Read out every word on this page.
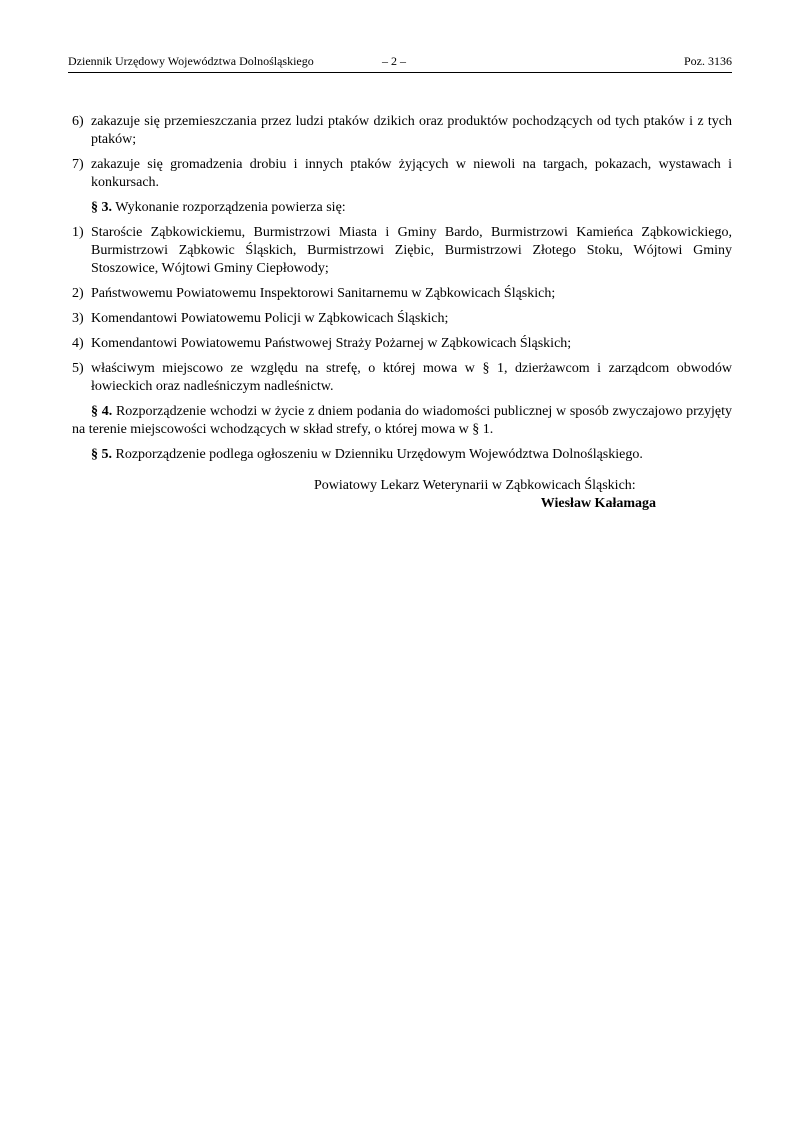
Dziennik Urzędowy Województwa Dolnośląskiego	– 2 –	Poz. 3136
6) zakazuje się przemieszczania przez ludzi ptaków dzikich oraz produktów pochodzących od tych ptaków i z tych ptaków;
7) zakazuje się gromadzenia drobiu i innych ptaków żyjących w niewoli na targach, pokazach, wystawach i konkursach.
§ 3. Wykonanie rozporządzenia powierza się:
1) Staroście Ząbkowickiemu, Burmistrzowi Miasta i Gminy Bardo, Burmistrzowi Kamieńca Ząbkowickiego, Burmistrzowi Ząbkowic Śląskich, Burmistrzowi Ziębic, Burmistrzowi Złotego Stoku, Wójtowi Gminy Stoszowice, Wójtowi Gminy Ciepłowody;
2) Państwowemu Powiatowemu Inspektorowi Sanitarnemu w Ząbkowicach Śląskich;
3) Komendantowi Powiatowemu Policji w Ząbkowicach Śląskich;
4) Komendantowi Powiatowemu Państwowej Straży Pożarnej w Ząbkowicach Śląskich;
5) właściwym miejscowo ze względu na strefę, o której mowa w § 1, dzierżawcom i zarządcom obwodów łowieckich oraz nadleśniczym nadleśnictw.
§ 4. Rozporządzenie wchodzi w życie z dniem podania do wiadomości publicznej w sposób zwyczajowo przyjęty na terenie miejscowości wchodzących w skład strefy, o której mowa w § 1.
§ 5. Rozporządzenie podlega ogłoszeniu w Dzienniku Urzędowym Województwa Dolnośląskiego.
Powiatowy Lekarz Weterynarii w Ząbkowicach Śląskich:
Wiesław Kałamaga
